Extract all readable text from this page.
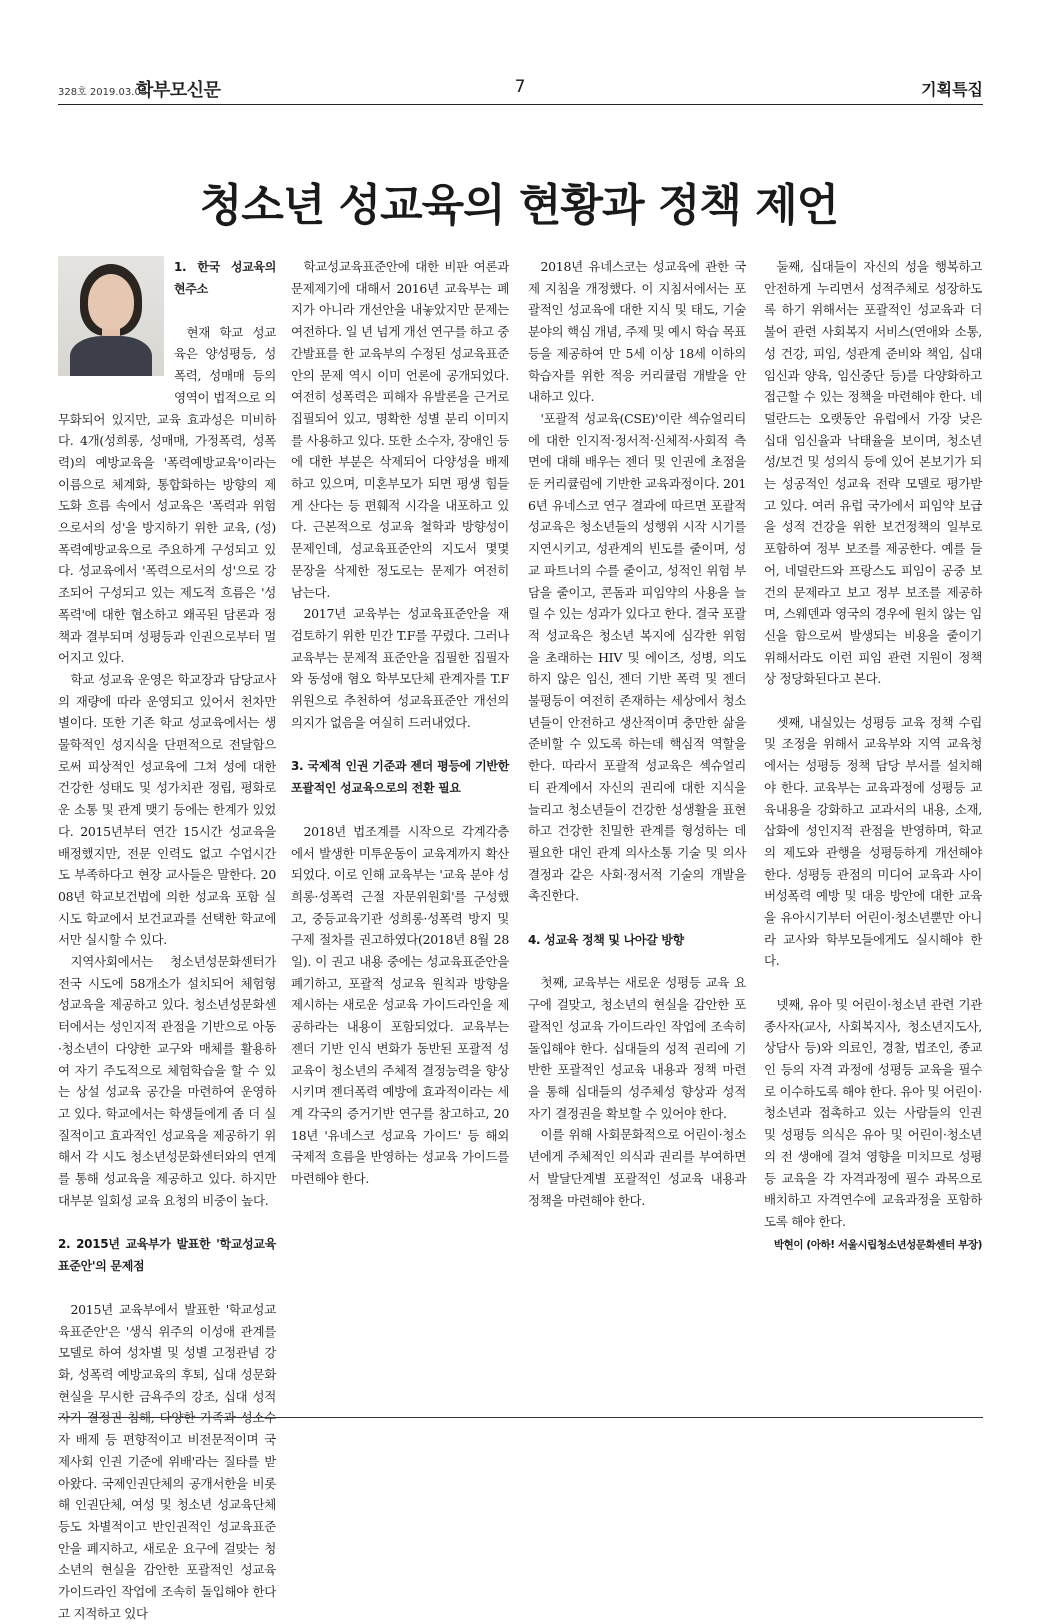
328호 2019.03.05.
학부모신문	7	기획특집
청소년 성교육의 현황과 정책 제언
1. 한국 성교육의 현주소

현재 학교 성교육은 양성평등, 성폭력, 성매매 등의 영역이 법적으로 의무화되어 있지만, 교육 효과성은 미비하다. 4개(성희롱, 성매매, 가정폭력, 성폭력)의 예방교육을 '폭력예방교육'이라는 이름으로 체계화, 통합화하는 방향의 제도화 흐름 속에서 성교육은 '폭력과 위험으로서의 성'을 방지하기 위한 교육, (성)폭력예방교육으로 주요하게 구성되고 있다. 성교육에서 '폭력으로서의 성'으로 강조되어 구성되고 있는 제도적 흐름은 '성폭력'에 대한 협소하고 왜곡된 담론과 정책과 결부되며 성평등과 인권으로부터 멀어지고 있다.

학교 성교육 운영은 학교장과 담당교사의 재량에 따라 운영되고 있어서 천차만별이다. 또한 기존 학교 성교육에서는 생물학적인 성지식을 단편적으로 전달함으로써 피상적인 성교육에 그쳐 성에 대한 건강한 성태도 및 성가치관 정립, 평화로운 소통 및 관계 맺기 등에는 한계가 있었다. 2015년부터 연간 15시간 성교육을 배정했지만, 전문 인력도 없고 수업시간도 부족하다고 현장 교사들은 말한다. 2008년 학교보건법에 의한 성교육 포함 실시도 학교에서 보건교과를 선택한 학교에서만 실시할 수 있다.

지역사회에서는 청소년성문화센터가 전국 시도에 58개소가 설치되어 체험형 성교육을 제공하고 있다. 청소년성문화센터에서는 성인지적 관점을 기반으로 아동·청소년이 다양한 교구와 매체를 활용하여 자기 주도적으로 체험학습을 할 수 있는 상설 성교육 공간을 마련하여 운영하고 있다. 학교에서는 학생들에게 좀 더 실질적이고 효과적인 성교육을 제공하기 위해서 각 시도 청소년성문화센터와의 연계를 통해 성교육을 제공하고 있다. 하지만 대부분 일회성 교육 요청의 비중이 높다.

2. 2015년 교육부가 발표한 '학교성교육표준안'의 문제점

2015년 교육부에서 발표한 '학교성교육표준안'은 '생식 위주의 이성애 관계를 모델로 하여 성차별 및 성별 고정관념 강화, 성폭력 예방교육의 후퇴, 십대 성문화 현실을 무시한 금욕주의 강조, 십대 성적자기 결정권 침해, 다양한 가족과 성소수자 배제 등 편향적이고 비전문적이며 국제사회 인권 기준에 위배'라는 질타를 받아왔다. 국제인권단체의 공개서한을 비롯해 인권단체, 여성 및 청소년 성교육단체 등도 차별적이고 반인권적인 성교육표준안을 폐지하고, 새로운 요구에 걸맞는 청소년의 현실을 감안한 포괄적인 성교육 가이드라인 작업에 조속히 돌입해야 한다고 지적하고 있다

학교성교육표준안에 대한 비판 여론과 문제제기에 대해서 2016년 교육부는 폐지가 아니라 개선안을 내놓았지만 문제는 여전하다. 일 년 넘게 개선 연구를 하고 중간발표를 한 교육부의 수정된 성교육표준안의 문제 역시 이미 언론에 공개되었다. 여전히 성폭력은 피해자 유발론을 근거로 집필되어 있고, 명확한 성별 분리 이미지를 사용하고 있다. 또한 소수자, 장애인 등에 대한 부분은 삭제되어 다양성을 배제하고 있으며, 미혼부모가 되면 평생 힘들게 산다는 등 편훼적 시각을 내포하고 있다. 근본적으로 성교육 철학과 방향성이 문제인데, 성교육표준안의 지도서 몇몇 문장을 삭제한 정도로는 문제가 여전히 남는다.

2017년 교육부는 성교육표준안을 재검토하기 위한 민간 T.F를 꾸렸다. 그러나 교육부는 문제적 표준안을 집필한 집필자와 동성애 혐오 학부모단체 관계자를 T.F 위원으로 추천하여 성교육표준안 개선의 의지가 없음을 여실히 드러내었다.

3. 국제적 인권 기준과 젠더 평등에 기반한 포괄적인 성교육으로의 전환 필요

2018년 법조계를 시작으로 각계각층에서 발생한 미투운동이 교육계까지 확산되었다. 이로 인해 교육부는 '교육 분야 성희롱·성폭력 근절 자문위원회'를 구성했고, 중등교육기관 성희롱·성폭력 방지 및 구제 절차를 권고하였다(2018년 8월 28일). 이 권고 내용 중에는 성교육표준안을 폐기하고, 포괄적 성교육 원칙과 방향을 제시하는 새로운 성교육 가이드라인을 제공하라는 내용이 포함되었다. 교육부는 젠더 기반 인식 변화가 동반된 포괄적 성교육이 청소년의 주체적 결정능력을 향상시키며 젠더폭력 예방에 효과적이라는 세계 각국의 증거기반 연구를 참고하고, 2018년 '유네스코 성교육 가이드' 등 해외 국제적 흐름을 반영하는 성교육 가이드를 마련해야 한다.

2018년 유네스코는 성교육에 관한 국제 지침을 개정했다. 이 지침서에서는 포괄적인 성교육에 대한 지식 및 태도, 기술 분야의 핵심 개념, 주제 및 예시 학습 목표 등을 제공하여 만 5세 이상 18세 이하의 학습자를 위한 적응 커리큘럼 개발을 안내하고 있다.

'포괄적 성교육(CSE)'이란 섹슈얼리티에 대한 인지적·정서적·신체적·사회적 측면에 대해 배우는 젠더 및 인권에 초점을 둔 커리큘럼에 기반한 교육과정이다. 2016년 유네스코 연구 결과에 따르면 포괄적 성교육은 청소년들의 성행위 시작 시기를 지연시키고, 성관계의 빈도를 줄이며, 성교 파트너의 수를 줄이고, 성적인 위험 부담을 줄이고, 콘돔과 피임약의 사용을 늘릴 수 있는 성과가 있다고 한다. 결국 포괄적 성교육은 청소년 복지에 심각한 위험을 초래하는 HIV 및 에이즈, 성병, 의도하지 않은 임신, 젠더 기반 폭력 및 젠더 불평등이 여전히 존재하는 세상에서 청소년들이 안전하고 생산적이며 충만한 삶을 준비할 수 있도록 하는데 핵심적 역할을 한다. 따라서 포괄적 성교육은 섹슈얼리티 관계에서 자신의 권리에 대한 지식을 늘리고 청소년들이 건강한 성생활을 표현하고 건강한 친밀한 관계를 형성하는 데 필요한 대인 관계 의사소통 기술 및 의사 결정과 같은 사회·정서적 기술의 개발을 촉진한다.

4. 성교육 정책 및 나아갈 방향

첫째, 교육부는 새로운 성평등 교육 요구에 걸맞고, 청소년의 현실을 감안한 포괄적인 성교육 가이드라인 작업에 조속히 돌입해야 한다. 십대들의 성적 권리에 기반한 포괄적인 성교육 내용과 정책 마련을 통해 십대들의 성주체성 향상과 성적자기 결정권을 확보할 수 있어야 한다.

이를 위해 사회문화적으로 어린이·청소년에게 주체적인 의식과 권리를 부여하면서 발달단계별 포괄적인 성교육 내용과 정책을 마련해야 한다.

둘째, 십대들이 자신의 성을 행복하고 안전하게 누리면서 성적주체로 성장하도록 하기 위해서는 포괄적인 성교육과 더불어 관련 사회복지 서비스(연애와 소통, 성 건강, 피임, 성관계 준비와 책임, 십대 임신과 양육, 임신중단 등)를 다양화하고 접근할 수 있는 정책을 마련해야 한다. 네덜란드는 오랫동안 유럽에서 가장 낮은 십대 임신율과 낙태율을 보이며, 청소년 성/보건 및 성의식 등에 있어 본보기가 되는 성공적인 성교육 전략 모델로 평가받고 있다. 여러 유럽 국가에서 피임약 보급을 성적 건강을 위한 보건정책의 일부로 포함하여 정부 보조를 제공한다. 예를 들어, 네덜란드와 프랑스도 피임이 공중 보건의 문제라고 보고 정부 보조를 제공하며, 스웨덴과 영국의 경우에 원치 않는 임신을 함으로써 발생되는 비용을 줄이기 위해서라도 이런 피임 관련 지원이 정책상 정당화된다고 본다.

셋째, 내실있는 성평등 교육 정책 수립 및 조정을 위해서 교육부와 지역 교육청에서는 성평등 정책 담당 부서를 설치해야 한다. 교육부는 교육과정에 성평등 교육내용을 강화하고 교과서의 내용, 소재, 삽화에 성인지적 관점을 반영하며, 학교의 제도와 관행을 성평등하게 개선해야 한다. 성평등 관점의 미디어 교육과 사이버성폭력 예방 및 대응 방안에 대한 교육을 유아시기부터 어린이·청소년뿐만 아니라 교사와 학부모들에게도 실시해야 한다.

넷째, 유아 및 어린이·청소년 관련 기관 종사자(교사, 사회복지사, 청소년지도사, 상담사 등)와 의료인, 경찰, 법조인, 종교인 등의 자격 과정에 성평등 교육을 필수로 이수하도록 해야 한다. 유아 및 어린이·청소년과 접촉하고 있는 사람들의 인권 및 성평등 의식은 유아 및 어린이·청소년의 전 생애에 걸쳐 영향을 미치므로 성평등 교육을 각 자격과정에 필수 과목으로 배치하고 자격연수에 교육과정을 포함하도록 해야 한다.

박현이 (아하! 서울시립청소년성문화센터 부장)
